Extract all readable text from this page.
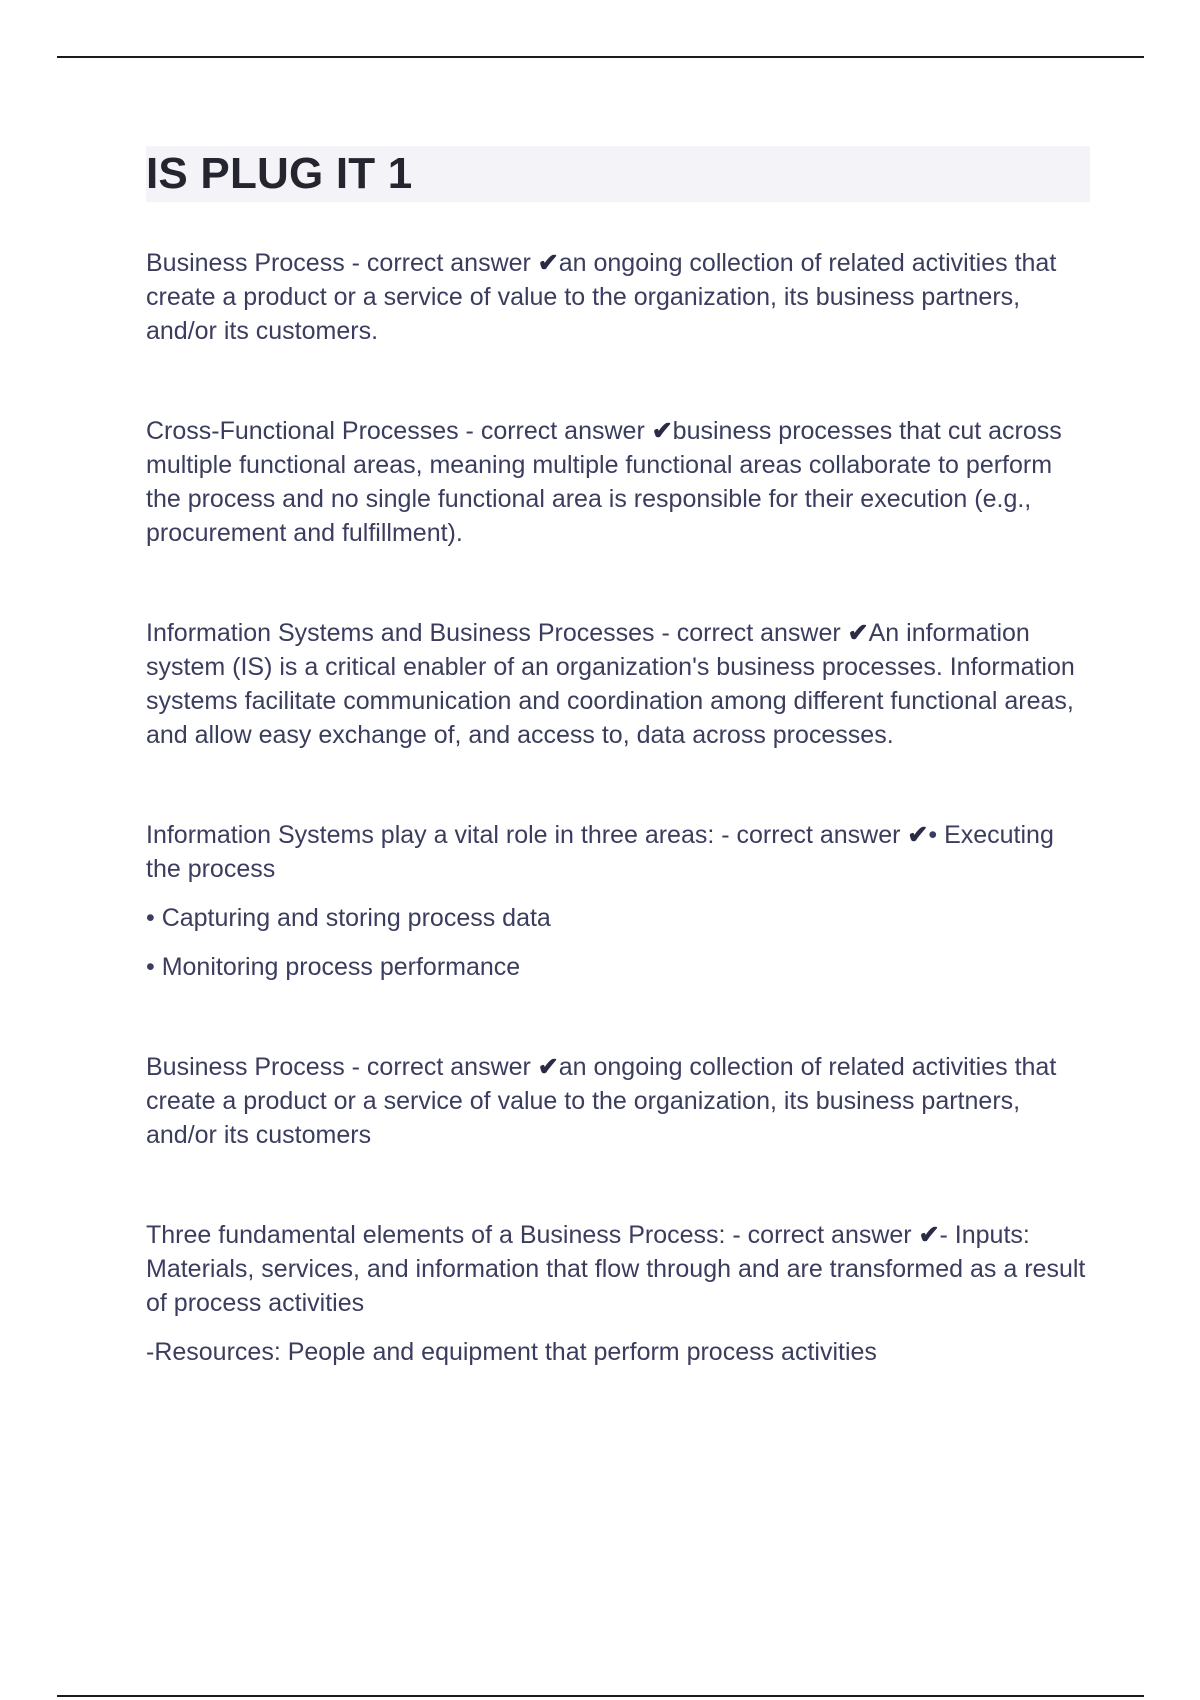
IS PLUG IT 1

Business Process - correct answer ✔an ongoing collection of related activities that create a product or a service of value to the organization, its business partners, and/or its customers.

Cross-Functional Processes - correct answer ✔business processes that cut across multiple functional areas, meaning multiple functional areas collaborate to perform the process and no single functional area is responsible for their execution (e.g., procurement and fulfillment).

Information Systems and Business Processes - correct answer ✔An information system (IS) is a critical enabler of an organization's business processes. Information systems facilitate communication and coordination among different functional areas, and allow easy exchange of, and access to, data across processes.

Information Systems play a vital role in three areas: - correct answer ✔• Executing the process

• Capturing and storing process data

• Monitoring process performance

Business Process - correct answer ✔an ongoing collection of related activities that create a product or a service of value to the organization, its business partners, and/or its customers

Three fundamental elements of a Business Process: - correct answer ✔- Inputs: Materials, services, and information that flow through and are transformed as a result of process activities

-Resources: People and equipment that perform process activities
